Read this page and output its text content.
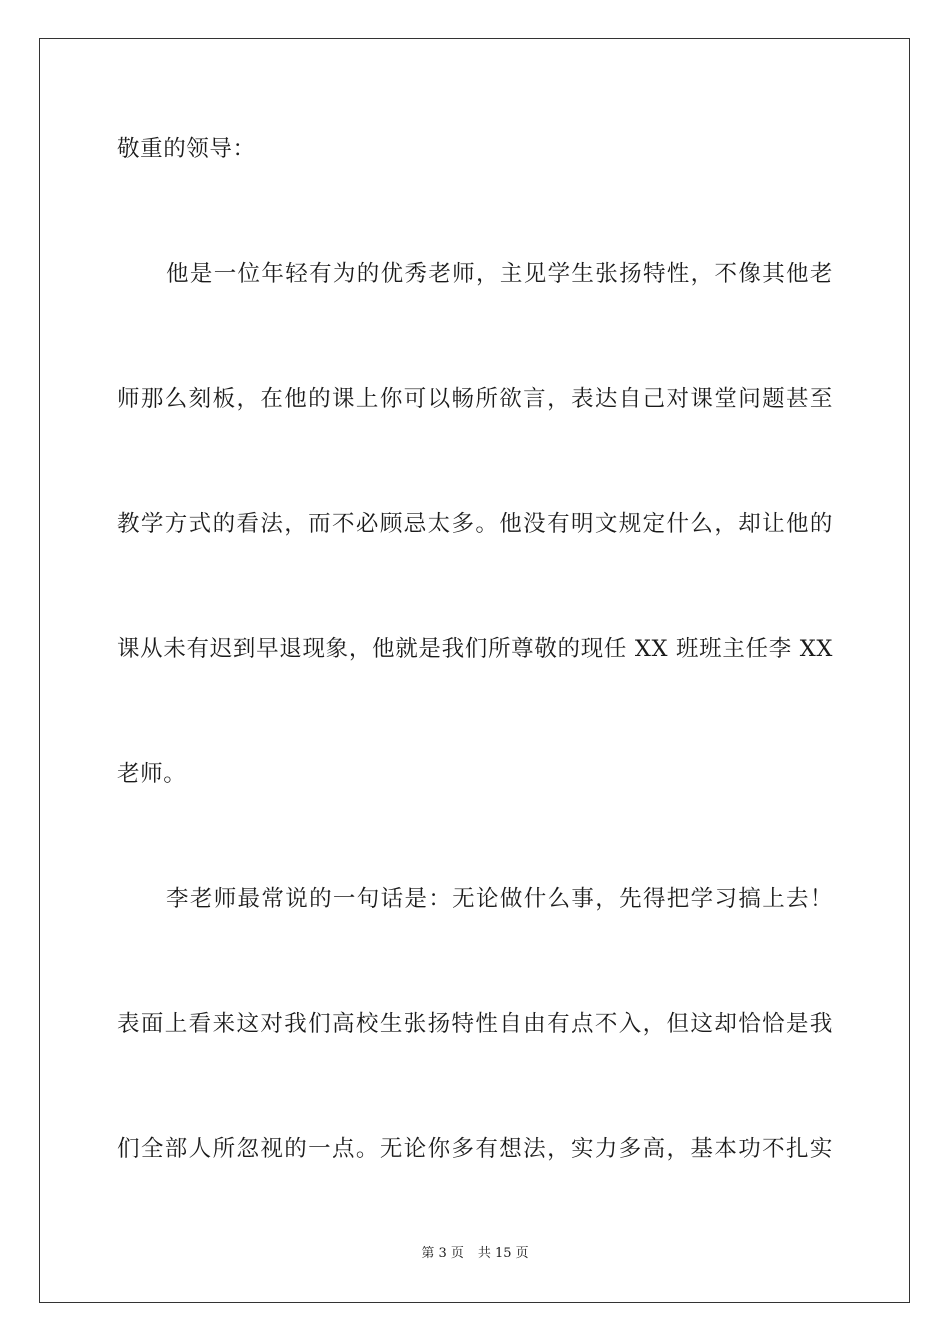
敬重的领导：
他是一位年轻有为的优秀老师，主见学生张扬特性，不像其他老
师那么刻板，在他的课上你可以畅所欲言，表达自己对课堂问题甚至
教学方式的看法，而不必顾忌太多。他没有明文规定什么，却让他的
课从未有迟到早退现象，他就是我们所尊敬的现任 XX 班班主任李 XX
老师。
李老师最常说的一句话是：无论做什么事，先得把学习搞上去！
表面上看来这对我们高校生张扬特性自由有点不入，但这却恰恰是我
们全部人所忽视的一点。无论你多有想法，实力多高，基本功不扎实
第 3 页 共 15 页
